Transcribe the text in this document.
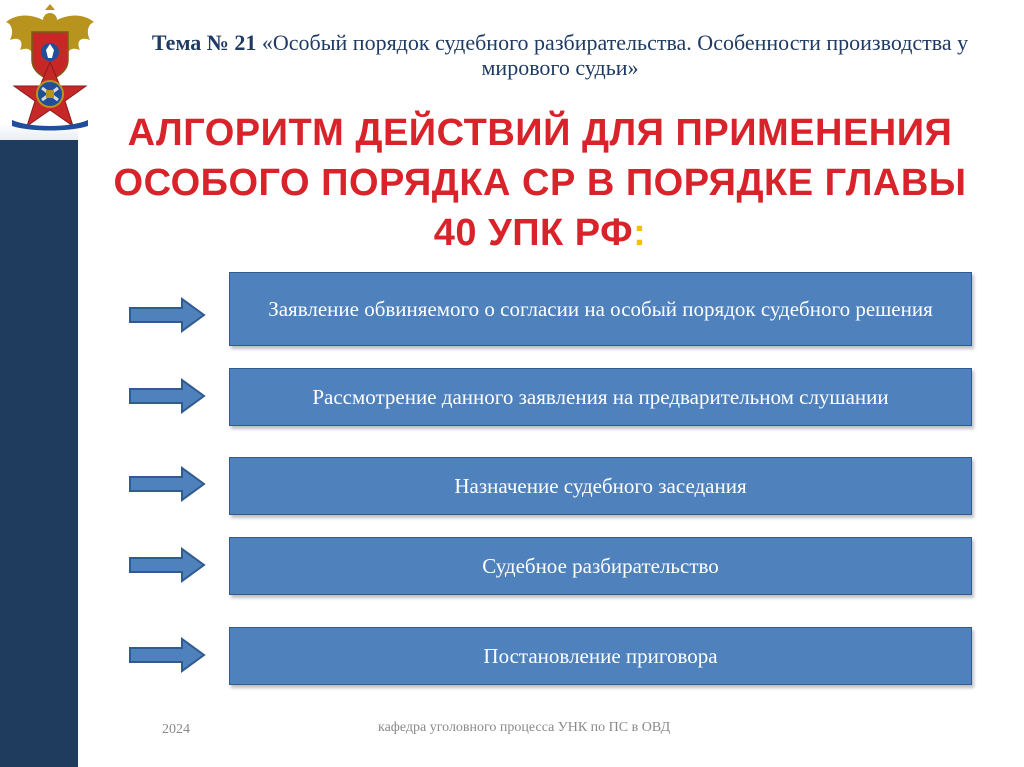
Тема № 21 «Особый порядок судебного разбирательства. Особенности производства у мирового судьи»
АЛГОРИТМ ДЕЙСТВИЙ ДЛЯ ПРИМЕНЕНИЯ ОСОБОГО ПОРЯДКА СР В ПОРЯДКЕ ГЛАВЫ 40 УПК РФ:
Заявление обвиняемого о согласии на особый порядок судебного решения
Рассмотрение данного заявления на предварительном слушании
Назначение судебного заседания
Судебное разбирательство
Постановление приговора
2024	кафедра уголовного процесса УНК по ПС в ОВД
